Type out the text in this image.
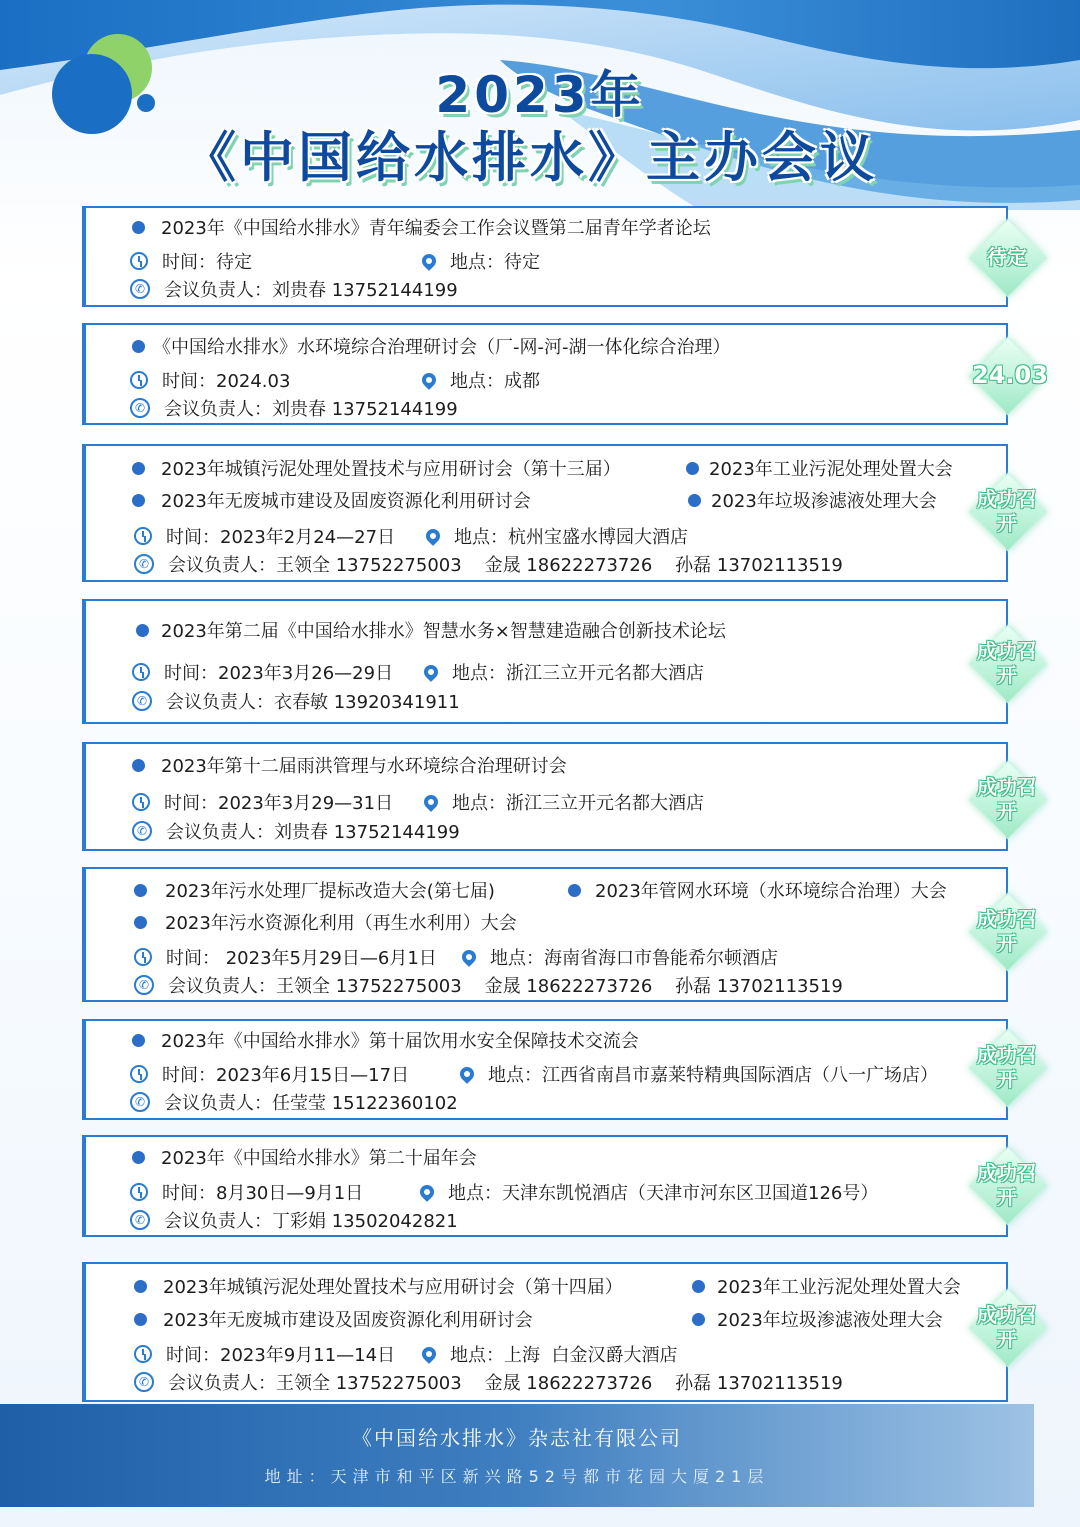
2023年
《中国给水排水》主办会议
2023年《中国给水排水》青年编委会工作会议暨第二届青年学者论坛
时间：待定	地点：待定
✆ 会议负责人：刘贵春 13752144199
待定
《中国给水排水》水环境综合治理研讨会（厂-网-河-湖一体化综合治理）
时间：2024.03	地点：成都
✆ 会议负责人：刘贵春 13752144199
24.03
2023年城镇污泥处理处置技术与应用研讨会（第十三届）	2023年工业污泥处理处置大会
2023年无废城市建设及固废资源化利用研讨会	2023年垃圾渗滤液处理大会
时间：2023年2月24—27日	地点：杭州宝盛水博园大酒店
✆ 会议负责人：王领全 13752275003    金晟 18622273726    孙磊 13702113519
成功召开
2023年第二届《中国给水排水》智慧水务×智慧建造融合创新技术论坛
时间：2023年3月26—29日	地点：浙江三立开元名都大酒店
✆ 会议负责人：衣春敏 13920341911
成功召开
2023年第十二届雨洪管理与水环境综合治理研讨会
时间：2023年3月29—31日	地点：浙江三立开元名都大酒店
✆ 会议负责人：刘贵春 13752144199
成功召开
2023年污水处理厂提标改造大会(第七届)	2023年管网水环境（水环境综合治理）大会
2023年污水资源化利用（再生水利用）大会
时间： 2023年5月29日—6月1日	地点：海南省海口市鲁能希尔顿酒店
✆ 会议负责人：王领全 13752275003    金晟 18622273726    孙磊 13702113519
成功召开
2023年《中国给水排水》第十届饮用水安全保障技术交流会
时间：2023年6月15日—17日	地点：江西省南昌市嘉莱特精典国际酒店（八一广场店）
✆ 会议负责人：任莹莹 15122360102
成功召开
2023年《中国给水排水》第二十届年会
时间：8月30日—9月1日	地点：天津东凯悦酒店（天津市河东区卫国道126号）
✆ 会议负责人：丁彩娟 13502042821
成功召开
2023年城镇污泥处理处置技术与应用研讨会（第十四届）	2023年工业污泥处理处置大会
2023年无废城市建设及固废资源化利用研讨会	2023年垃圾渗滤液处理大会
时间：2023年9月11—14日	地点：上海  白金汉爵大酒店
✆ 会议负责人：王领全 13752275003    金晟 18622273726    孙磊 13702113519
成功召开
《中国给水排水》杂志社有限公司
地址：天津市和平区新兴路52号都市花园大厦21层
